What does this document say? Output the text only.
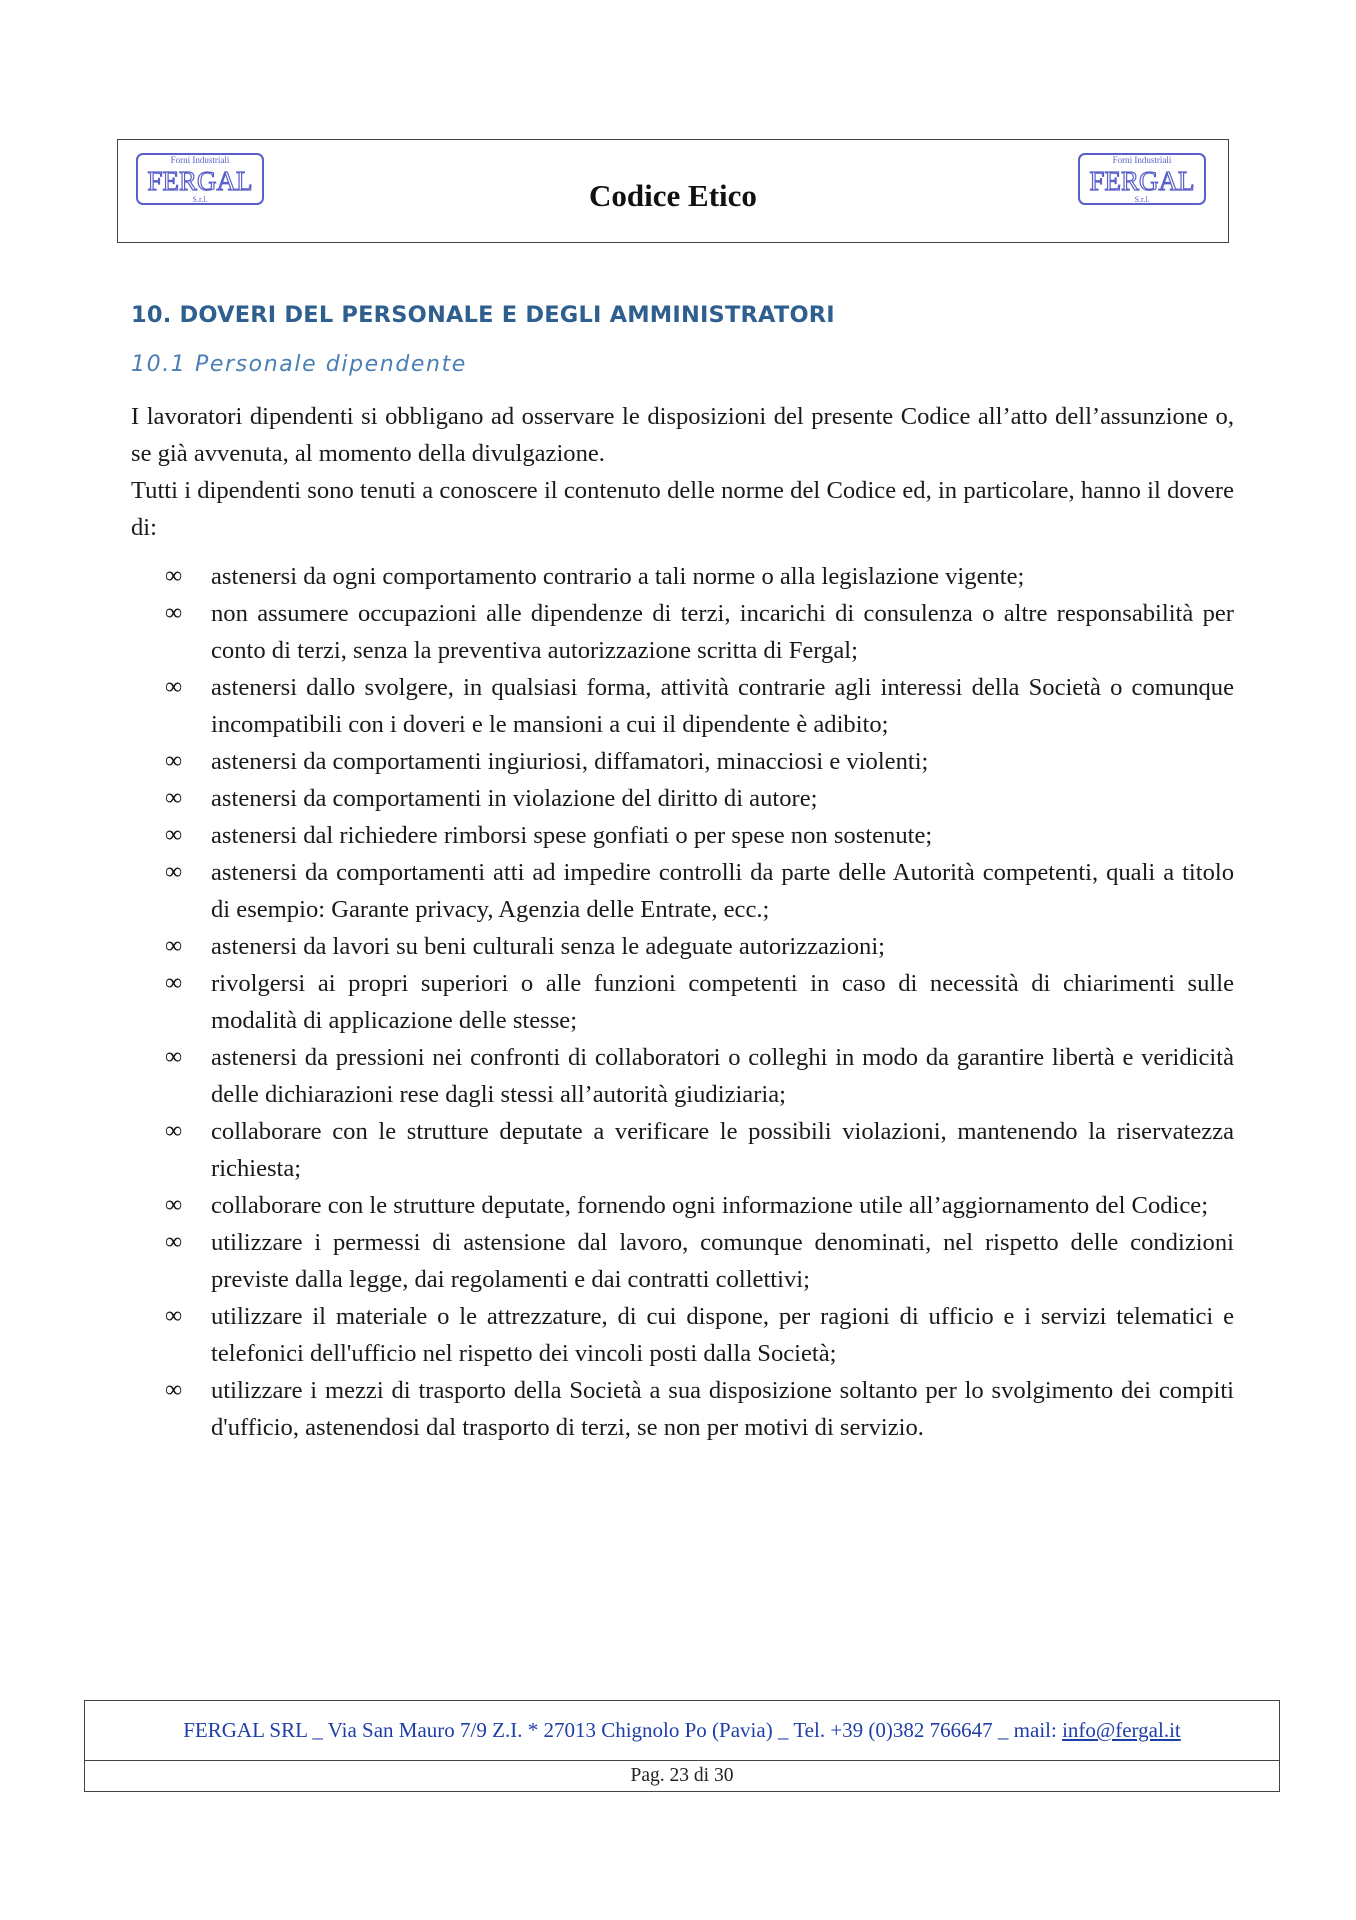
Forni Industriali
FERGAL
S.r.l.	Codice Etico
Forni Industriali
FERGAL
S.r.l.
10. DOVERI DEL PERSONALE E DEGLI AMMINISTRATORI
10.1 Personale dipendente

I lavoratori dipendenti si obbligano ad osservare le disposizioni del presente Codice all’atto dell’assunzione o, se già avvenuta, al momento della divulgazione.

Tutti i dipendenti sono tenuti a conoscere il contenuto delle norme del Codice ed, in particolare, hanno il dovere di:

∞ astenersi da ogni comportamento contrario a tali norme o alla legislazione vigente;
∞ non assumere occupazioni alle dipendenze di terzi, incarichi di consulenza o altre responsabilità per conto di terzi, senza la preventiva autorizzazione scritta di Fergal;
∞ astenersi dallo svolgere, in qualsiasi forma, attività contrarie agli interessi della Società o comunque incompatibili con i doveri e le mansioni a cui il dipendente è adibito;
∞ astenersi da comportamenti ingiuriosi, diffamatori, minacciosi e violenti;
∞ astenersi da comportamenti in violazione del diritto di autore;
∞ astenersi dal richiedere rimborsi spese gonfiati o per spese non sostenute;
∞ astenersi da comportamenti atti ad impedire controlli da parte delle Autorità competenti, quali a titolo di esempio: Garante privacy, Agenzia delle Entrate, ecc.;
∞ astenersi da lavori su beni culturali senza le adeguate autorizzazioni;
∞ rivolgersi ai propri superiori o alle funzioni competenti in caso di necessità di chiarimenti sulle modalità di applicazione delle stesse;
∞ astenersi da pressioni nei confronti di collaboratori o colleghi in modo da garantire libertà e veridicità delle dichiarazioni rese dagli stessi all’autorità giudiziaria;
∞ collaborare con le strutture deputate a verificare le possibili violazioni, mantenendo la riservatezza richiesta;
∞ collaborare con le strutture deputate, fornendo ogni informazione utile all’aggiornamento del Codice;
∞ utilizzare i permessi di astensione dal lavoro, comunque denominati, nel rispetto delle condizioni previste dalla legge, dai regolamenti e dai contratti collettivi;
∞ utilizzare il materiale o le attrezzature, di cui dispone, per ragioni di ufficio e i servizi telematici e telefonici dell'ufficio nel rispetto dei vincoli posti dalla Società;
∞ utilizzare i mezzi di trasporto della Società a sua disposizione soltanto per lo svolgimento dei compiti d'ufficio, astenendosi dal trasporto di terzi, se non per motivi di servizio.
FERGAL SRL _ Via San Mauro 7/9 Z.I. * 27013 Chignolo Po (Pavia) _ Tel. +39 (0)382 766647 _ mail: info@fergal.it
Pag. 23 di 30
